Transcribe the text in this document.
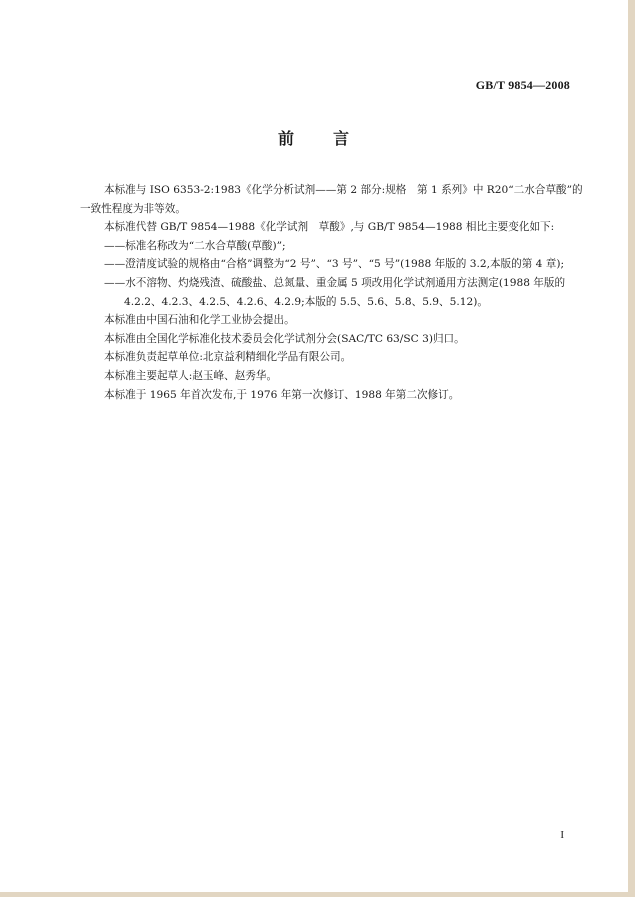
GB/T 9854—2008
前 言

本标准与 ISO 6353-2:1983《化学分析试剂——第 2 部分:规格　第 1 系列》中 R20“二水合草酸”的

一致性程度为非等效。

本标准代替 GB/T 9854—1988《化学试剂　草酸》,与 GB/T 9854—1988 相比主要变化如下:

——标准名称改为“二水合草酸(草酸)”;

——澄清度试验的规格由“合格”调整为“2 号”、“3 号”、“5 号”(1988 年版的 3.2,本版的第 4 章);

——水不溶物、灼烧残渣、硫酸盐、总氮量、重金属 5 项改用化学试剂通用方法测定(1988 年版的

4.2.2、4.2.3、4.2.5、4.2.6、4.2.9;本版的 5.5、5.6、5.8、5.9、5.12)。

本标准由中国石油和化学工业协会提出。

本标准由全国化学标准化技术委员会化学试剂分会(SAC/TC 63/SC 3)归口。

本标准负责起草单位:北京益利精细化学品有限公司。

本标准主要起草人:赵玉峰、赵秀华。

本标准于 1965 年首次发布,于 1976 年第一次修订、1988 年第二次修订。

I
